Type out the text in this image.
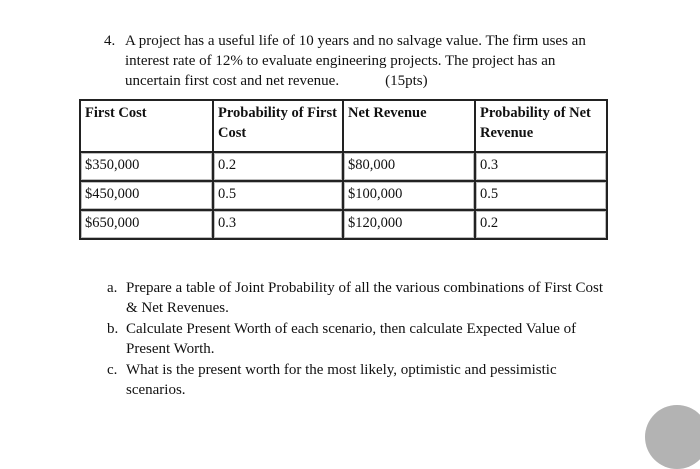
4. A project has a useful life of 10 years and no salvage value. The firm uses an interest rate of 12% to evaluate engineering projects. The project has an uncertain first cost and net revenue.	(15pts)
First Cost	Probability of First Cost	Net Revenue	Probability of Net Revenue
$350,000	0.2	$80,000	0.3
$450,000	0.5	$100,000	0.5
$650,000	0.3	$120,000	0.2
a. Prepare a table of Joint Probability of all the various combinations of First Cost & Net Revenues.
b. Calculate Present Worth of each scenario, then calculate Expected Value of Present Worth.
c. What is the present worth for the most likely, optimistic and pessimistic scenarios.
